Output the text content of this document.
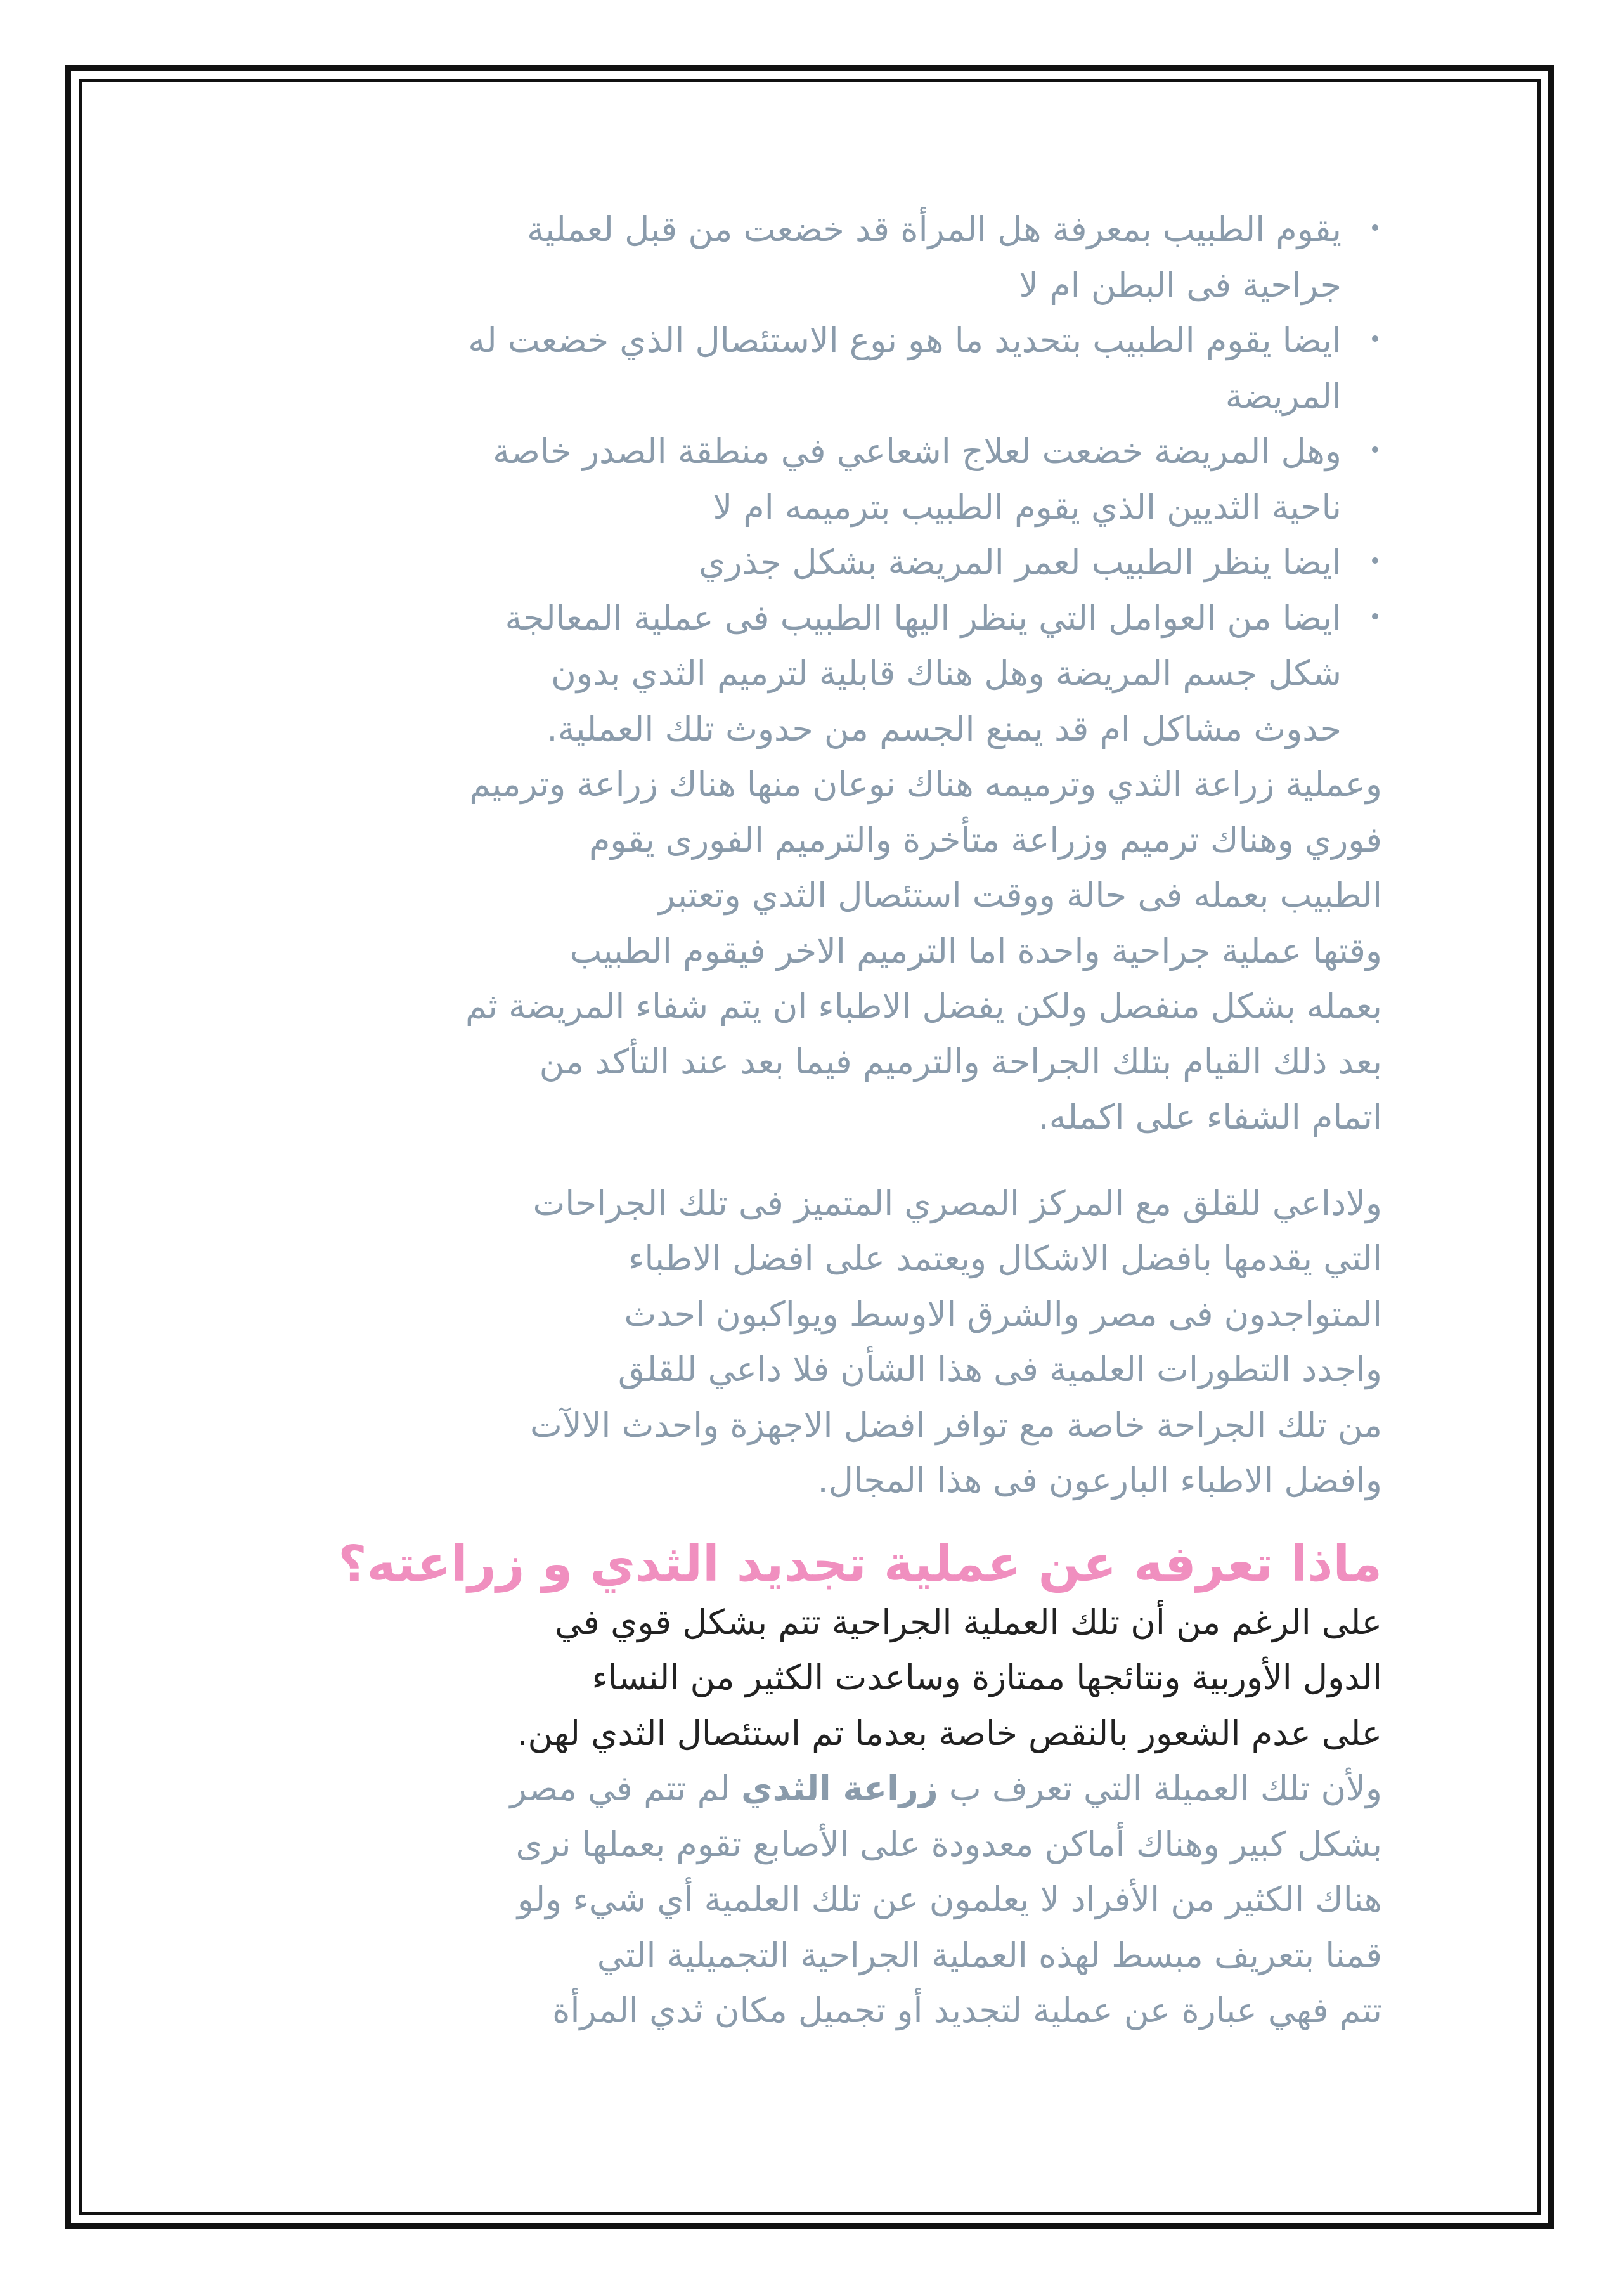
يقوم الطبيب بمعرفة هل المرأة قد خضعت من قبل لعملية
جراحية فى البطن ام لا
ايضا يقوم الطبيب بتحديد ما هو نوع الاستئصال الذي خضعت له
المريضة
وهل المريضة خضعت لعلاج اشعاعي في منطقة الصدر خاصة
ناحية الثديين الذي يقوم الطبيب بترميمه ام لا
ايضا ينظر الطبيب لعمر المريضة بشكل جذري
ايضا من العوامل التي ينظر اليها الطبيب فى عملية المعالجة
شكل جسم المريضة وهل هناك قابلية لترميم الثدي بدون
حدوث مشاكل ام قد يمنع الجسم من حدوث تلك العملية.
وعملية زراعة الثدي وترميمه هناك نوعان منها هناك زراعة وترميم
فوري وهناك ترميم وزراعة متأخرة والترميم الفورى يقوم
الطبيب بعمله فى حالة ووقت استئصال الثدي وتعتبر
وقتها عملية جراحية واحدة اما الترميم الاخر فيقوم الطبيب
بعمله بشكل منفصل ولكن يفضل الاطباء ان يتم شفاء المريضة ثم
بعد ذلك القيام بتلك الجراحة والترميم فيما بعد عند التأكد من
اتمام الشفاء على اكمله.
ولاداعي للقلق مع المركز المصري المتميز فى تلك الجراحات
التي يقدمها بافضل الاشكال ويعتمد على افضل الاطباء
المتواجدون فى مصر والشرق الاوسط ويواكبون احدث
واجدد التطورات العلمية فى هذا الشأن فلا داعي للقلق
من تلك الجراحة خاصة مع توافر افضل الاجهزة واحدث الالآت
وافضل الاطباء البارعون فى هذا المجال.
ماذا تعرفه عن عملية تجديد الثدي و زراعته؟
على الرغم من أن تلك العملية الجراحية تتم بشكل قوي في
الدول الأوربية ونتائجها ممتازة وساعدت الكثير من النساء
على عدم الشعور بالنقص خاصة بعدما تم استئصال الثدي لهن.
ولأن تلك العميلة التي تعرف ب زراعة الثدي لم تتم في مصر
بشكل كبير وهناك أماكن معدودة على الأصابع تقوم بعملها نرى
هناك الكثير من الأفراد لا يعلمون عن تلك العلمية أي شيء ولو
قمنا بتعريف مبسط لهذه العملية الجراحية التجميلية التي
تتم فهي عبارة عن عملية لتجديد أو تجميل مكان ثدي المرأة
